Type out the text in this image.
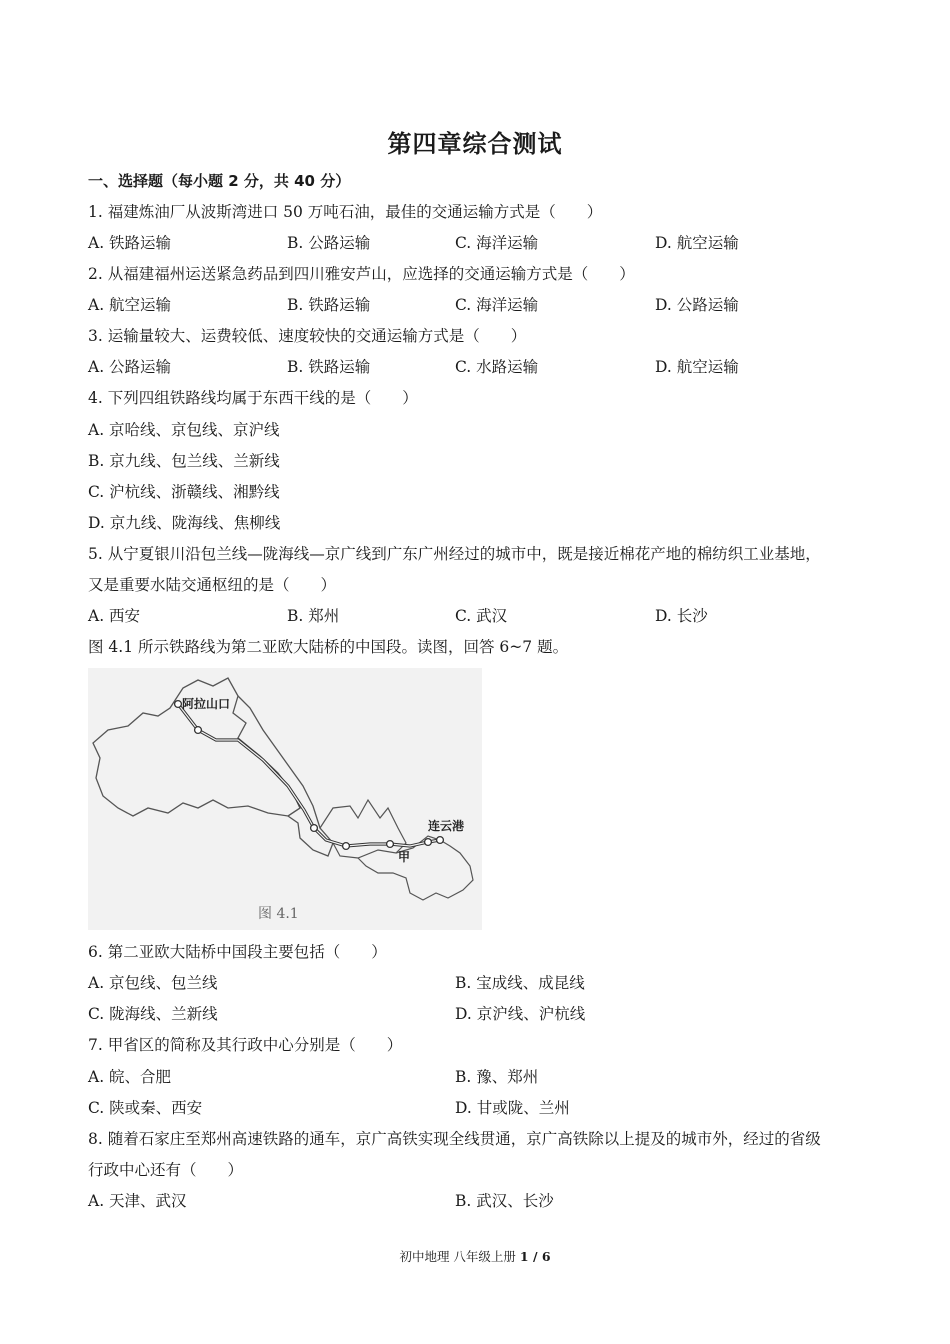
第四章综合测试
一、选择题（每小题 2 分，共 40 分）
1. 福建炼油厂从波斯湾进口 50 万吨石油，最佳的交通运输方式是（　　）
A. 铁路运输	B. 公路运输	C. 海洋运输	D. 航空运输
2. 从福建福州运送紧急药品到四川雅安芦山，应选择的交通运输方式是（　　）
A. 航空运输	B. 铁路运输	C. 海洋运输	D. 公路运输
3. 运输量较大、运费较低、速度较快的交通运输方式是（　　）
A. 公路运输	B. 铁路运输	C. 水路运输	D. 航空运输
4. 下列四组铁路线均属于东西干线的是（　　）
A. 京哈线、京包线、京沪线
B. 京九线、包兰线、兰新线
C. 沪杭线、浙赣线、湘黔线
D. 京九线、陇海线、焦柳线
5. 从宁夏银川沿包兰线—陇海线—京广线到广东广州经过的城市中，既是接近棉花产地的棉纺织工业基地，
又是重要水陆交通枢纽的是（　　）
A. 西安	B. 郑州	C. 武汉	D. 长沙
图 4.1 所示铁路线为第二亚欧大陆桥的中国段。读图，回答 6~7 题。
阿拉山口
连云港
甲
图 4.1
6. 第二亚欧大陆桥中国段主要包括（　　）
A. 京包线、包兰线	B. 宝成线、成昆线
C. 陇海线、兰新线	D. 京沪线、沪杭线
7. 甲省区的简称及其行政中心分别是（　　）
A. 皖、合肥	B. 豫、郑州
C. 陕或秦、西安	D. 甘或陇、兰州
8. 随着石家庄至郑州高速铁路的通车，京广高铁实现全线贯通，京广高铁除以上提及的城市外，经过的省级
行政中心还有（　　）
A. 天津、武汉	B. 武汉、长沙
初中地理 八年级上册 1 / 6
